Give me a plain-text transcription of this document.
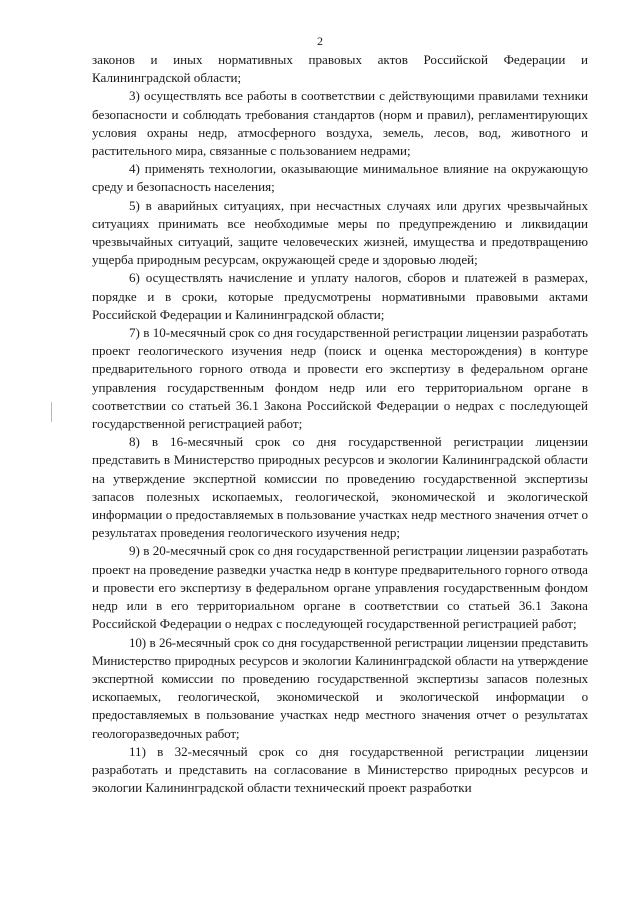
2

законов и иных нормативных правовых актов Российской Федерации и Калининградской области;

3) осуществлять все работы в соответствии с действующими правилами техники безопасности и соблюдать требования стандартов (норм и правил), регламентирующих условия охраны недр, атмосферного воздуха, земель, лесов, вод, животного и растительного мира, связанные с пользованием недрами;

4) применять технологии, оказывающие минимальное влияние на окружающую среду и безопасность населения;

5) в аварийных ситуациях, при несчастных случаях или других чрезвычайных ситуациях принимать все необходимые меры по предупреждению и ликвидации чрезвычайных ситуаций, защите человеческих жизней, имущества и предотвращению ущерба природным ресурсам, окружающей среде и здоровью людей;

6) осуществлять начисление и уплату налогов, сборов и платежей в размерах, порядке и в сроки, которые предусмотрены нормативными правовыми актами Российской Федерации и Калининградской области;

7) в 10-месячный срок со дня государственной регистрации лицензии разработать проект геологического изучения недр (поиск и оценка месторождения) в контуре предварительного горного отвода и провести его экспертизу в федеральном органе управления государственным фондом недр или его территориальном органе в соответствии со статьей 36.1 Закона Российской Федерации о недрах с последующей государственной регистрацией работ;

8) в 16-месячный срок со дня государственной регистрации лицензии представить в Министерство природных ресурсов и экологии Калининградской области на утверждение экспертной комиссии по проведению государственной экспертизы запасов полезных ископаемых, геологической, экономической и экологической информации о предоставляемых в пользование участках недр местного значения отчет о результатах проведения геологического изучения недр;

9) в 20-месячный срок со дня государственной регистрации лицензии разработать проект на проведение разведки участка недр в контуре предварительного горного отвода и провести его экспертизу в федеральном органе управления государственным фондом недр или в его территориальном органе в соответствии со статьей 36.1 Закона Российской Федерации о недрах с последующей государственной регистрацией работ;

10) в 26-месячный срок со дня государственной регистрации лицензии представить Министерство природных ресурсов и экологии Калининградской области на утверждение экспертной комиссии по проведению государственной экспертизы запасов полезных ископаемых, геологической, экономической и экологической информации о предоставляемых в пользование участках недр местного значения отчет о результатах геологоразведочных работ;

11) в 32-месячный срок со дня государственной регистрации лицензии разработать и представить на согласование в Министерство природных ресурсов и экологии Калининградской области технический проект разработки
